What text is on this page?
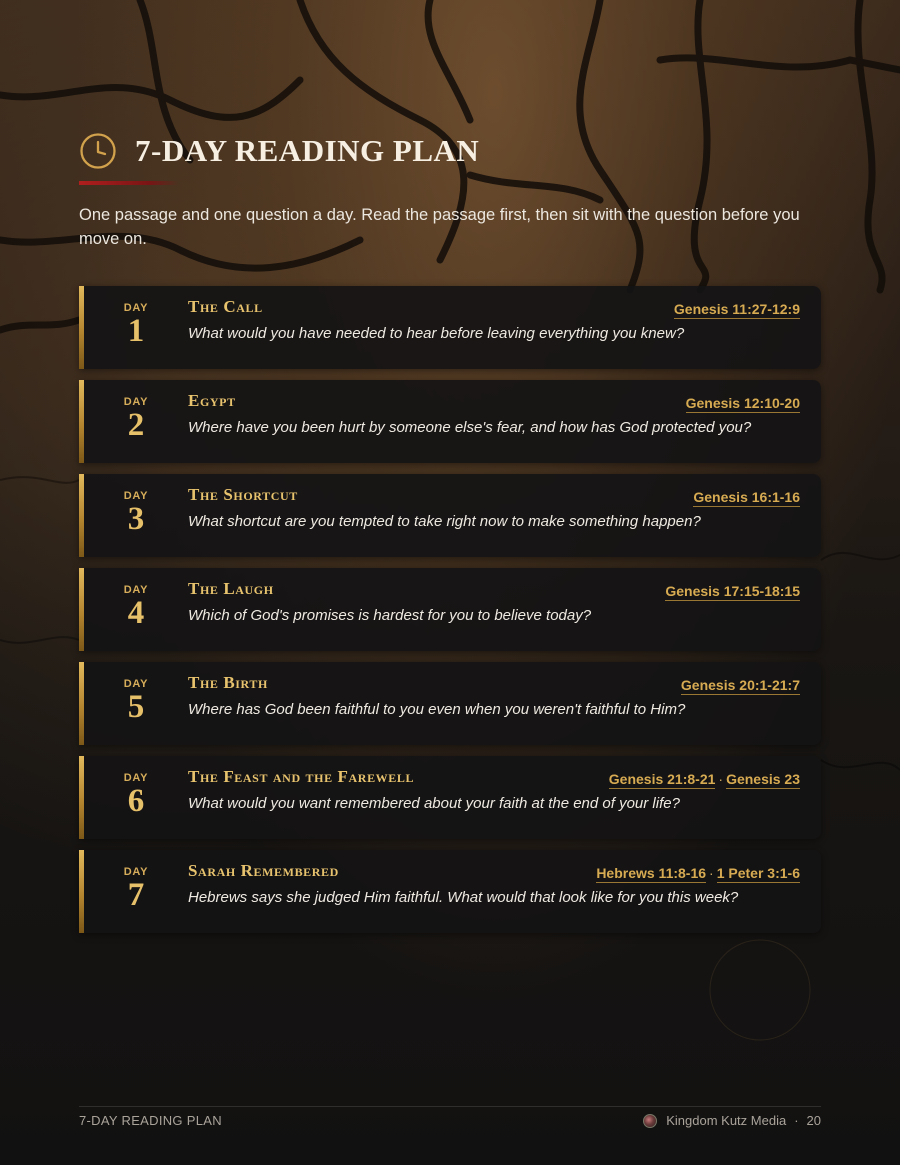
7-DAY READING PLAN
One passage and one question a day. Read the passage first, then sit with the question before you move on.
DAY
1
The Call	Genesis 11:27-12:9
What would you have needed to hear before leaving everything you knew?
DAY
2
Egypt	Genesis 12:10-20
Where have you been hurt by someone else's fear, and how has God protected you?
DAY
3
The Shortcut	Genesis 16:1-16
What shortcut are you tempted to take right now to make something happen?
DAY
4
The Laugh	Genesis 17:15-18:15
Which of God's promises is hardest for you to believe today?
DAY
5
The Birth	Genesis 20:1-21:7
Where has God been faithful to you even when you weren't faithful to Him?
DAY
6
The Feast and the Farewell	Genesis 21:8-21 · Genesis 23
What would you want remembered about your faith at the end of your life?
DAY
7
Sarah Remembered	Hebrews 11:8-16 · 1 Peter 3:1-6
Hebrews says she judged Him faithful. What would that look like for you this week?
7-DAY READING PLAN	Kingdom Kutz Media · 20
